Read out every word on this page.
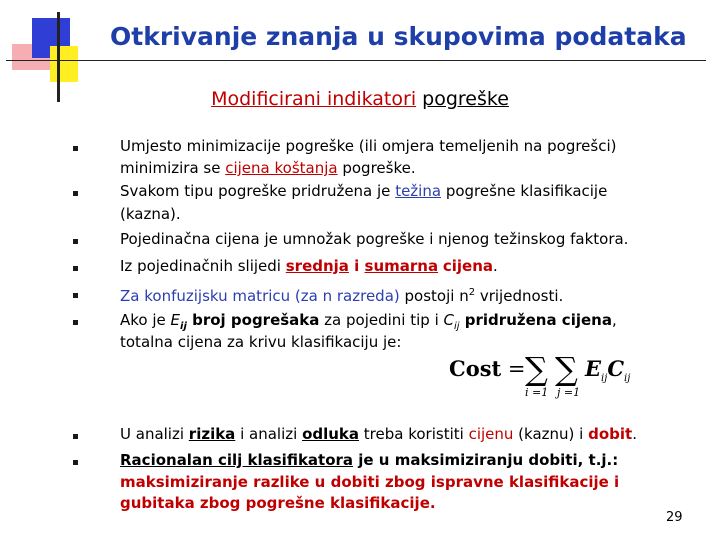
Otkrivanje znanja u skupovima podataka
Modificirani indikatori pogreške
Umjesto minimizacije pogreške (ili omjera temeljenih na pogrešci)
minimizira se cijena koštanja pogreške.
Svakom tipu pogreške pridružena je težina pogrešne klasifikacije
(kazna).
Pojedinačna cijena je umnožak pogreške i njenog težinskog faktora.
Iz pojedinačnih slijedi srednja i sumarna cijena.
Za konfuzijsku matricu (za n razreda) postoji $n^2$ vrijednosti.
Ako je $E_{ij}$ broj pogrešaka za pojedini tip i $C_{ij}$ pridružena cijena,
totalna cijena za krivu klasifikaciju je:
Cost = ∑ ∑
i =1 j =1
$E_{ij}C_{ij}$
U analizi rizika i analizi odluka treba koristiti cijenu (kaznu) i dobit.
Racionalan cilj klasifikatora je u maksimiziranju dobiti, t.j.:
maksimiziranje razlike u dobiti zbog ispravne klasifikacije i
gubitaka zbog pogrešne klasifikacije.
29
